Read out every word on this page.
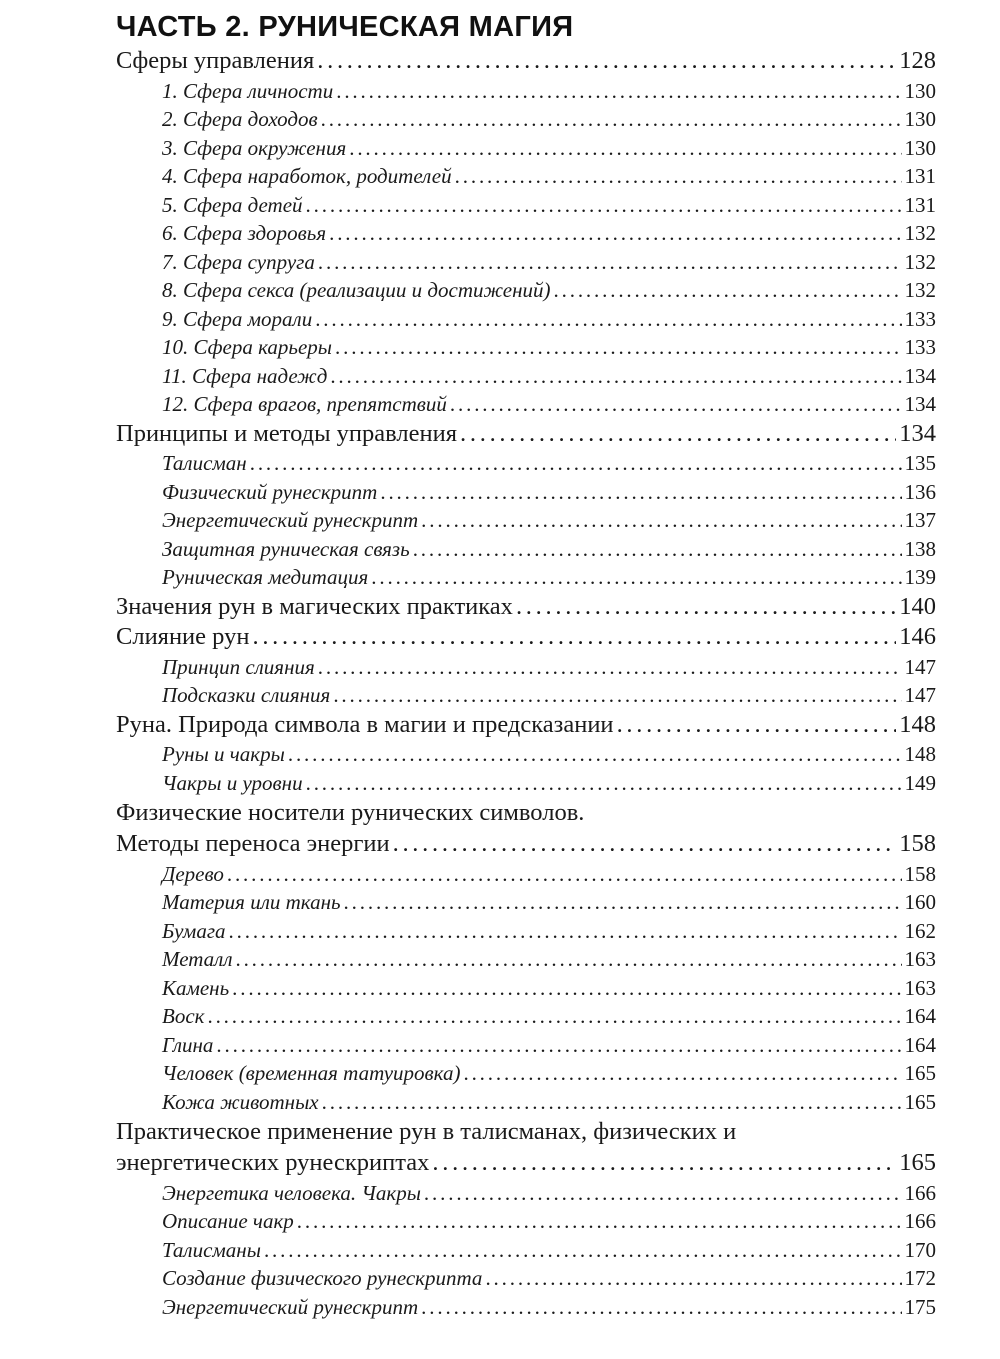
ЧАСТЬ 2. РУНИЧЕСКАЯ МАГИЯ
Сферы управления . . .	128
1. Сфера личности . . .	130
2. Сфера доходов . . .	130
3. Сфера окружения . . .	130
4. Сфера наработок, родителей . . .	131
5. Сфера детей . . .	131
6. Сфера здоровья . . .	132
7. Сфера супруга . . .	132
8. Сфера секса (реализации и достижений) . . .	132
9. Сфера морали . . .	133
10. Сфера карьеры . . .	133
11. Сфера надежд . . .	134
12. Сфера врагов, препятствий . . .	134
Принципы и методы управления . . .	134
Талисман . . .	135
Физический рунескрипт . . .	136
Энергетический рунескрипт . . .	137
Защитная руническая связь . . .	138
Руническая медитация . . .	139
Значения рун в магических практиках . . .	140
Слияние рун . . .	146
Принцип слияния . . .	147
Подсказки слияния . . .	147
Руна. Природа символа в магии и предсказании . . .	148
Руны и чакры . . .	148
Чакры и уровни . . .	149
Физические носители рунических символов.
Методы переноса энергии . . .	158
Дерево . . .	158
Материя или ткань . . .	160
Бумага . . .	162
Металл . . .	163
Камень . . .	163
Воск . . .	164
Глина . . .	164
Человек (временная татуировка) . . .	165
Кожа животных . . .	165
Практическое применение рун в талисманах, физических и
энергетических рунескриптах . . .	165
Энергетика человека. Чакры . . .	166
Описание чакр . . .	166
Талисманы . . .	170
Создание физического рунескрипта . . .	172
Энергетический рунескрипт . . .	175
